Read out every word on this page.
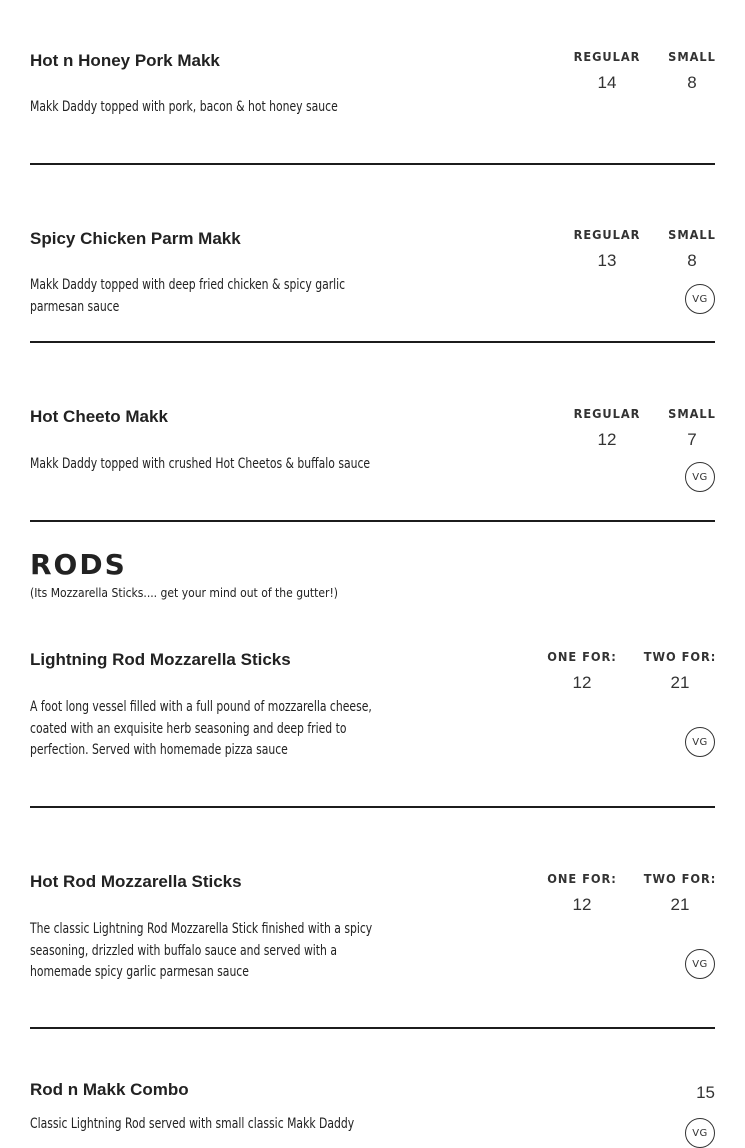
Hot n Honey Pork Makk
Makk Daddy topped with pork, bacon & hot honey sauce
REGULAR
14
SMALL
8
Spicy Chicken Parm Makk
Makk Daddy topped with deep fried chicken & spicy garlic parmesan sauce
REGULAR
13
SMALL
8
VG
Hot Cheeto Makk
Makk Daddy topped with crushed Hot Cheetos & buffalo sauce
REGULAR
12
SMALL
7
VG
RODS
(Its Mozzarella Sticks.... get your mind out of the gutter!)
Lightning Rod Mozzarella Sticks
A foot long vessel filled with a full pound of mozzarella cheese, coated with an exquisite herb seasoning and deep fried to perfection. Served with homemade pizza sauce
ONE FOR:
12
TWO FOR:
21
VG
Hot Rod Mozzarella Sticks
The classic Lightning Rod Mozzarella Stick finished with a spicy seasoning, drizzled with buffalo sauce and served with a homemade spicy garlic parmesan sauce
ONE FOR:
12
TWO FOR:
21
VG
Rod n Makk Combo
Classic Lightning Rod served with small classic Makk Daddy
15
VG
